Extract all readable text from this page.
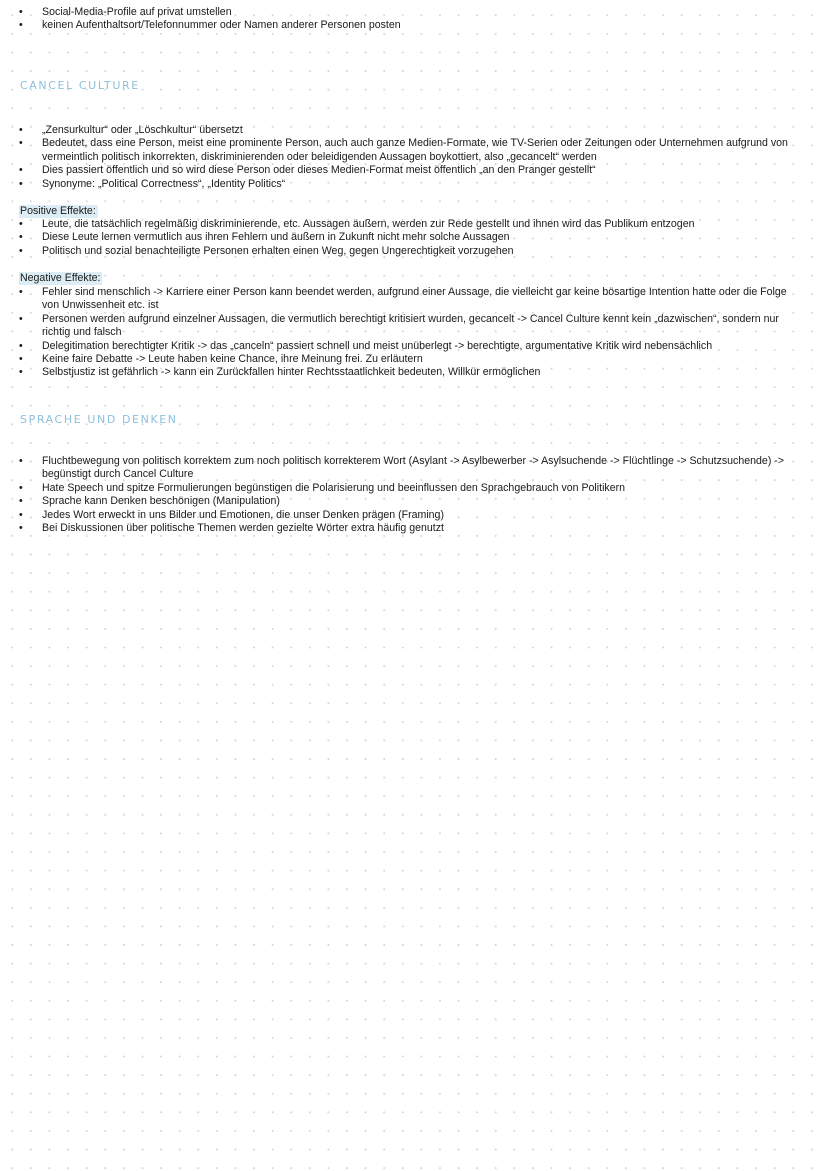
• Social-Media-Profile auf privat umstellen
• keinen Aufenthaltsort/Telefonnummer oder Namen anderer Personen posten
CANCEL CULTURE
• „Zensurkultur“ oder „Löschkultur“ übersetzt
• Bedeutet, dass eine Person, meist eine prominente Person, auch auch ganze Medien-Formate, wie TV-Serien oder Zeitungen oder Unternehmen aufgrund von vermeintlich politisch inkorrekten, diskriminierenden oder beleidigenden Aussagen boykottiert, also „gecancelt“ werden
• Dies passiert öffentlich und so wird diese Person oder dieses Medien-Format meist öffentlich „an den Pranger gestellt“
• Synonyme: „Political Correctness“, „Identity Politics“

Positive Effekte:

• Leute, die tatsächlich regelmäßig diskriminierende, etc. Aussagen äußern, werden zur Rede gestellt und ihnen wird das Publikum entzogen
• Diese Leute lernen vermutlich aus ihren Fehlern und äußern in Zukunft nicht mehr solche Aussagen
• Politisch und sozial benachteiligte Personen erhalten einen Weg, gegen Ungerechtigkeit vorzugehen

Negative Effekte:

• Fehler sind menschlich -> Karriere einer Person kann beendet werden, aufgrund einer Aussage, die vielleicht gar keine bösartige Intention hatte oder die Folge von Unwissenheit etc. ist
• Personen werden aufgrund einzelner Aussagen, die vermutlich berechtigt kritisiert wurden, gecancelt -> Cancel Culture kennt kein „dazwischen“, sondern nur richtig und falsch
• Delegitimation berechtigter Kritik -> das „canceln“ passiert schnell und meist unüberlegt -> berechtigte, argumentative Kritik wird nebensächlich
• Keine faire Debatte -> Leute haben keine Chance, ihre Meinung frei. Zu erläutern
• Selbstjustiz ist gefährlich -> kann ein Zurückfallen hinter Rechtsstaatlichkeit bedeuten, Willkür ermöglichen
SPRACHE UND DENKEN
• Fluchtbewegung von politisch korrektem zum noch politisch korrekterem Wort (Asylant -> Asylbewerber -> Asylsuchende -> Flüchtlinge -> Schutzsuchende) -> begünstigt durch Cancel Culture
• Hate Speech und spitze Formulierungen begünstigen die Polarisierung und beeinflussen den Sprachgebrauch von Politikern
• Sprache kann Denken beschönigen (Manipulation)
• Jedes Wort erweckt in uns Bilder und Emotionen, die unser Denken prägen (Framing)
• Bei Diskussionen über politische Themen werden gezielte Wörter extra häufig genutzt
